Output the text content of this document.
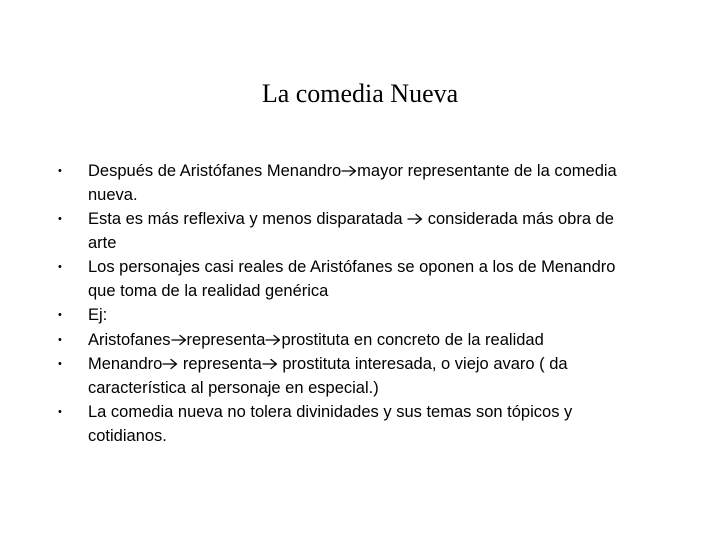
La comedia Nueva
• Después de Aristófanes Menandro mayor representante de la comedia nueva.
• Esta es más reflexiva y menos disparatada  considerada más obra de arte
• Los personajes casi reales de Aristófanes se oponen a los de Menandro que toma de la realidad genérica
• Ej:
• Aristofanes representa prostituta en concreto de la realidad
• Menandro representa prostituta interesada, o viejo avaro ( da característica al personaje en especial.)
• La comedia nueva no tolera divinidades y sus temas son tópicos y cotidianos.
